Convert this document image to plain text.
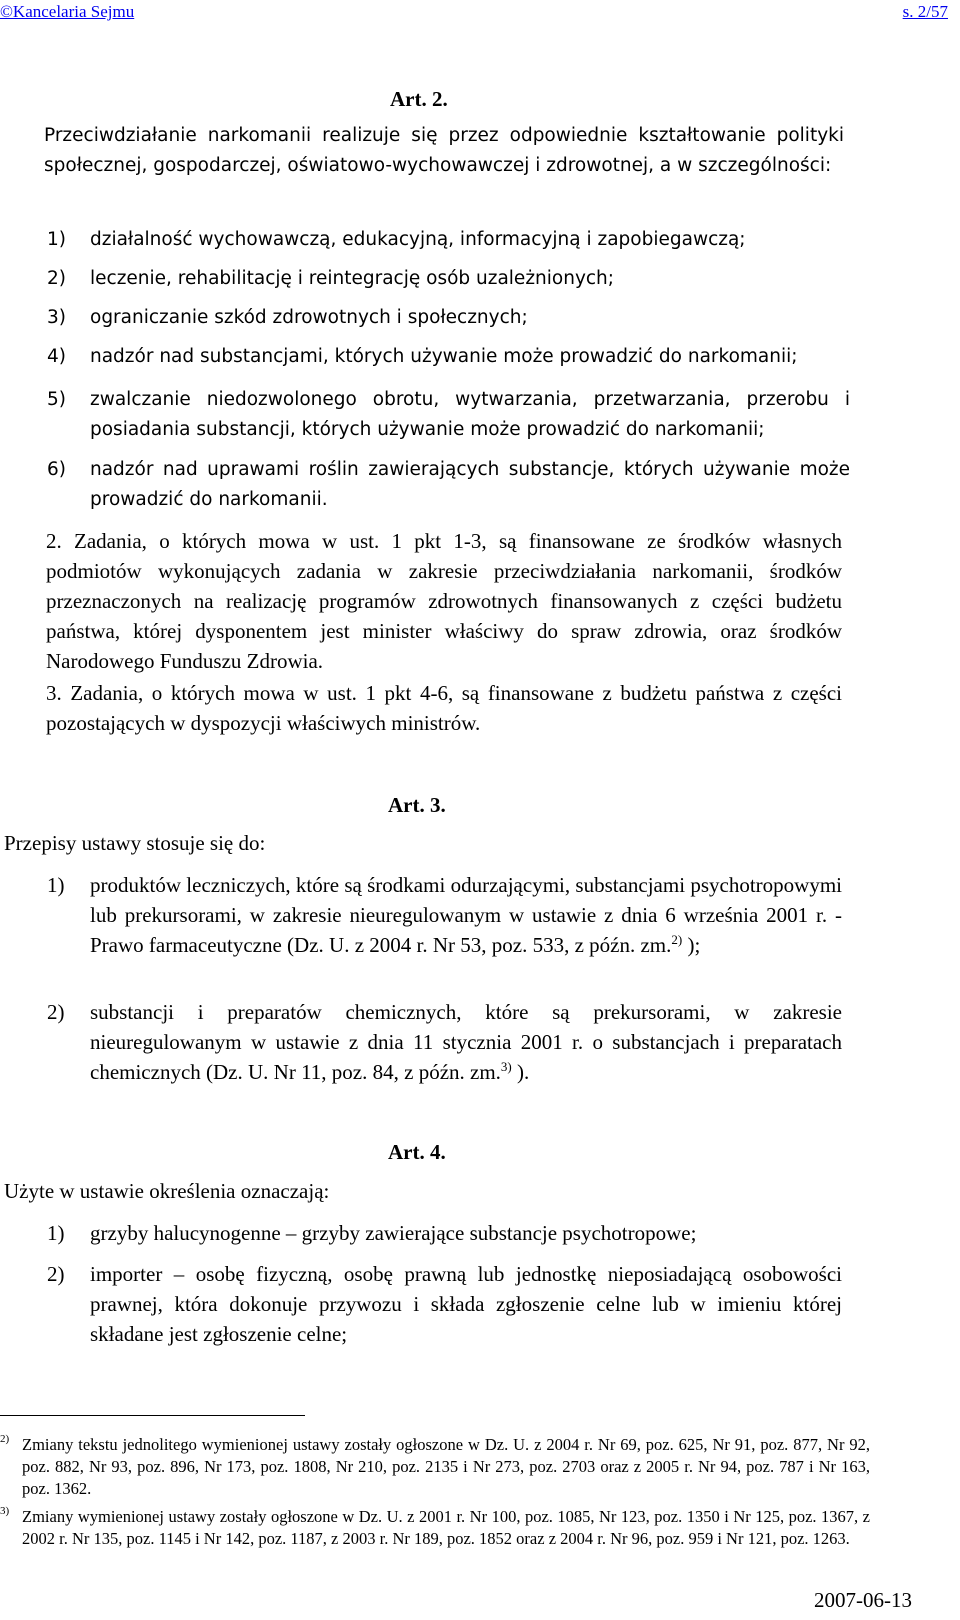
©Kancelaria Sejmu	s. 2/57
Art. 2.
Przeciwdziałanie narkomanii realizuje się przez odpowiednie kształtowanie polityki społecznej, gospodarczej, oświatowo-wychowawczej i zdrowotnej, a w szczególności:
1) działalność wychowawczą, edukacyjną, informacyjną i zapobiegawczą;
2) leczenie, rehabilitację i reintegrację osób uzależnionych;
3) ograniczanie szkód zdrowotnych i społecznych;
4) nadzór nad substancjami, których używanie może prowadzić do narkomanii;
5) zwalczanie niedozwolonego obrotu, wytwarzania, przetwarzania, przerobu i posiadania substancji, których używanie może prowadzić do narkomanii;
6) nadzór nad uprawami roślin zawierających substancje, których używanie może prowadzić do narkomanii.
2. Zadania, o których mowa w ust. 1 pkt 1-3, są finansowane ze środków własnych podmiotów wykonujących zadania w zakresie przeciwdziałania narkomanii, środków przeznaczonych na realizację programów zdrowotnych finansowanych z części budżetu państwa, której dysponentem jest minister właściwy do spraw zdrowia, oraz środków Narodowego Funduszu Zdrowia.
3. Zadania, o których mowa w ust. 1 pkt 4-6, są finansowane z budżetu państwa z części pozostających w dyspozycji właściwych ministrów.
Art. 3.
Przepisy ustawy stosuje się do:
1) produktów leczniczych, które są środkami odurzającymi, substancjami psychotropowymi lub prekursorami, w zakresie nieuregulowanym w ustawie z dnia 6 września 2001 r. - Prawo farmaceutyczne (Dz. U. z 2004 r. Nr 53, poz. 533, z późn. zm.$^{2)}$ );
2) substancji i preparatów chemicznych, które są prekursorami, w zakresie nieuregulowanym w ustawie z dnia 11 stycznia 2001 r. o substancjach i preparatach chemicznych (Dz. U. Nr 11, poz. 84, z późn. zm.$^{3)}$ ).
Art. 4.
Użyte w ustawie określenia oznaczają:
1) grzyby halucynogenne – grzyby zawierające substancje psychotropowe;
2) importer – osobę fizyczną, osobę prawną lub jednostkę nieposiadającą osobowości prawnej, która dokonuje przywozu i składa zgłoszenie celne lub w imieniu której składane jest zgłoszenie celne;
2) Zmiany tekstu jednolitego wymienionej ustawy zostały ogłoszone w Dz. U. z 2004 r. Nr 69, poz. 625, Nr 91, poz. 877, Nr 92, poz. 882, Nr 93, poz. 896, Nr 173, poz. 1808, Nr 210, poz. 2135 i Nr 273, poz. 2703 oraz z 2005 r. Nr 94, poz. 787 i Nr 163, poz. 1362.
3) Zmiany wymienionej ustawy zostały ogłoszone w Dz. U. z 2001 r. Nr 100, poz. 1085, Nr 123, poz. 1350 i Nr 125, poz. 1367, z 2002 r. Nr 135, poz. 1145 i Nr 142, poz. 1187, z 2003 r. Nr 189, poz. 1852 oraz z 2004 r. Nr 96, poz. 959 i Nr 121, poz. 1263.
2007-06-13
